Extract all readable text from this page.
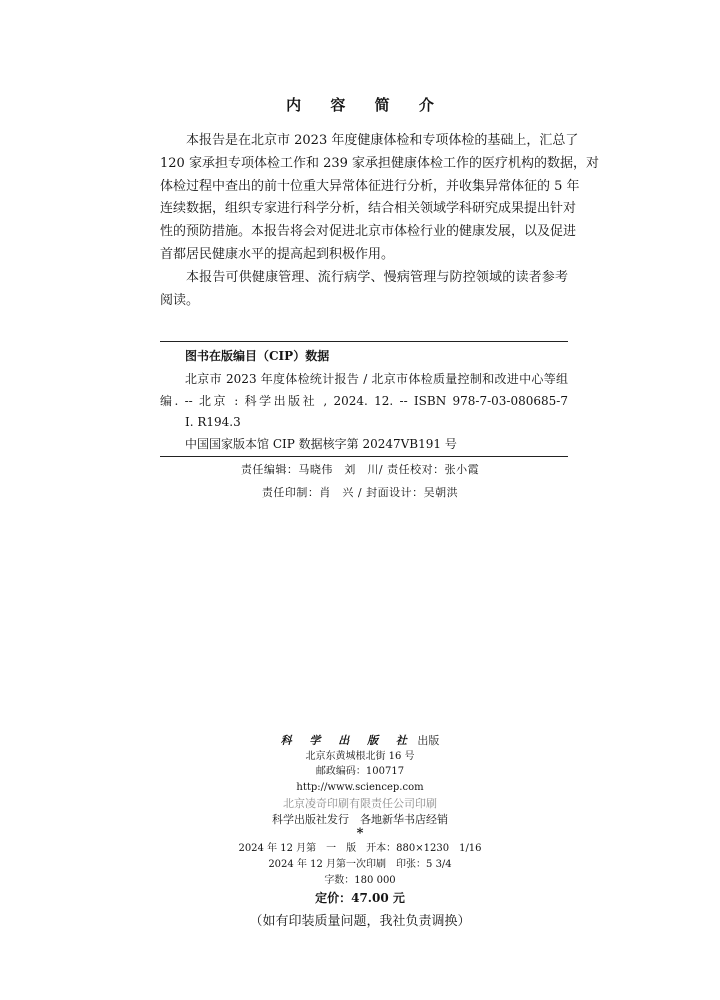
内 容 简 介

本报告是在北京市 2023 年度健康体检和专项体检的基础上，汇总了
120 家承担专项体检工作和 239 家承担健康体检工作的医疗机构的数据，对
体检过程中查出的前十位重大异常体征进行分析，并收集异常体征的 5 年
连续数据，组织专家进行科学分析，结合相关领域学科研究成果提出针对
性的预防措施。本报告将会对促进北京市体检行业的健康发展，以及促进
首都居民健康水平的提高起到积极作用。

本报告可供健康管理、流行病学、慢病管理与防控领域的读者参考
阅读。

图书在版编目（CIP）数据
北京市 2023 年度体检统计报告 / 北京市体检质量控制和改进中心等组
编. -- 北京 : 科学出版社 , 2024. 12. -- ISBN 978-7-03-080685-7
Ⅰ. R194.3
中国国家版本馆 CIP 数据核字第 20247VB191 号
责任编辑：马晓伟　刘　川/ 责任校对：张小霞
责任印制：肖　兴 / 封面设计：吴朝洪
科 学 出 版 社 出版
北京东黄城根北街 16 号
邮政编码：100717
http://www.sciencep.com
北京凌奇印刷有限责任公司印刷
科学出版社发行　各地新华书店经销
*
2024 年 12 月第　一　版　开本：880×1230　1/16
2024 年 12 月第一次印刷　印张：5 3/4
字数：180 000
定价：47.00 元
（如有印装质量问题，我社负责调换）
